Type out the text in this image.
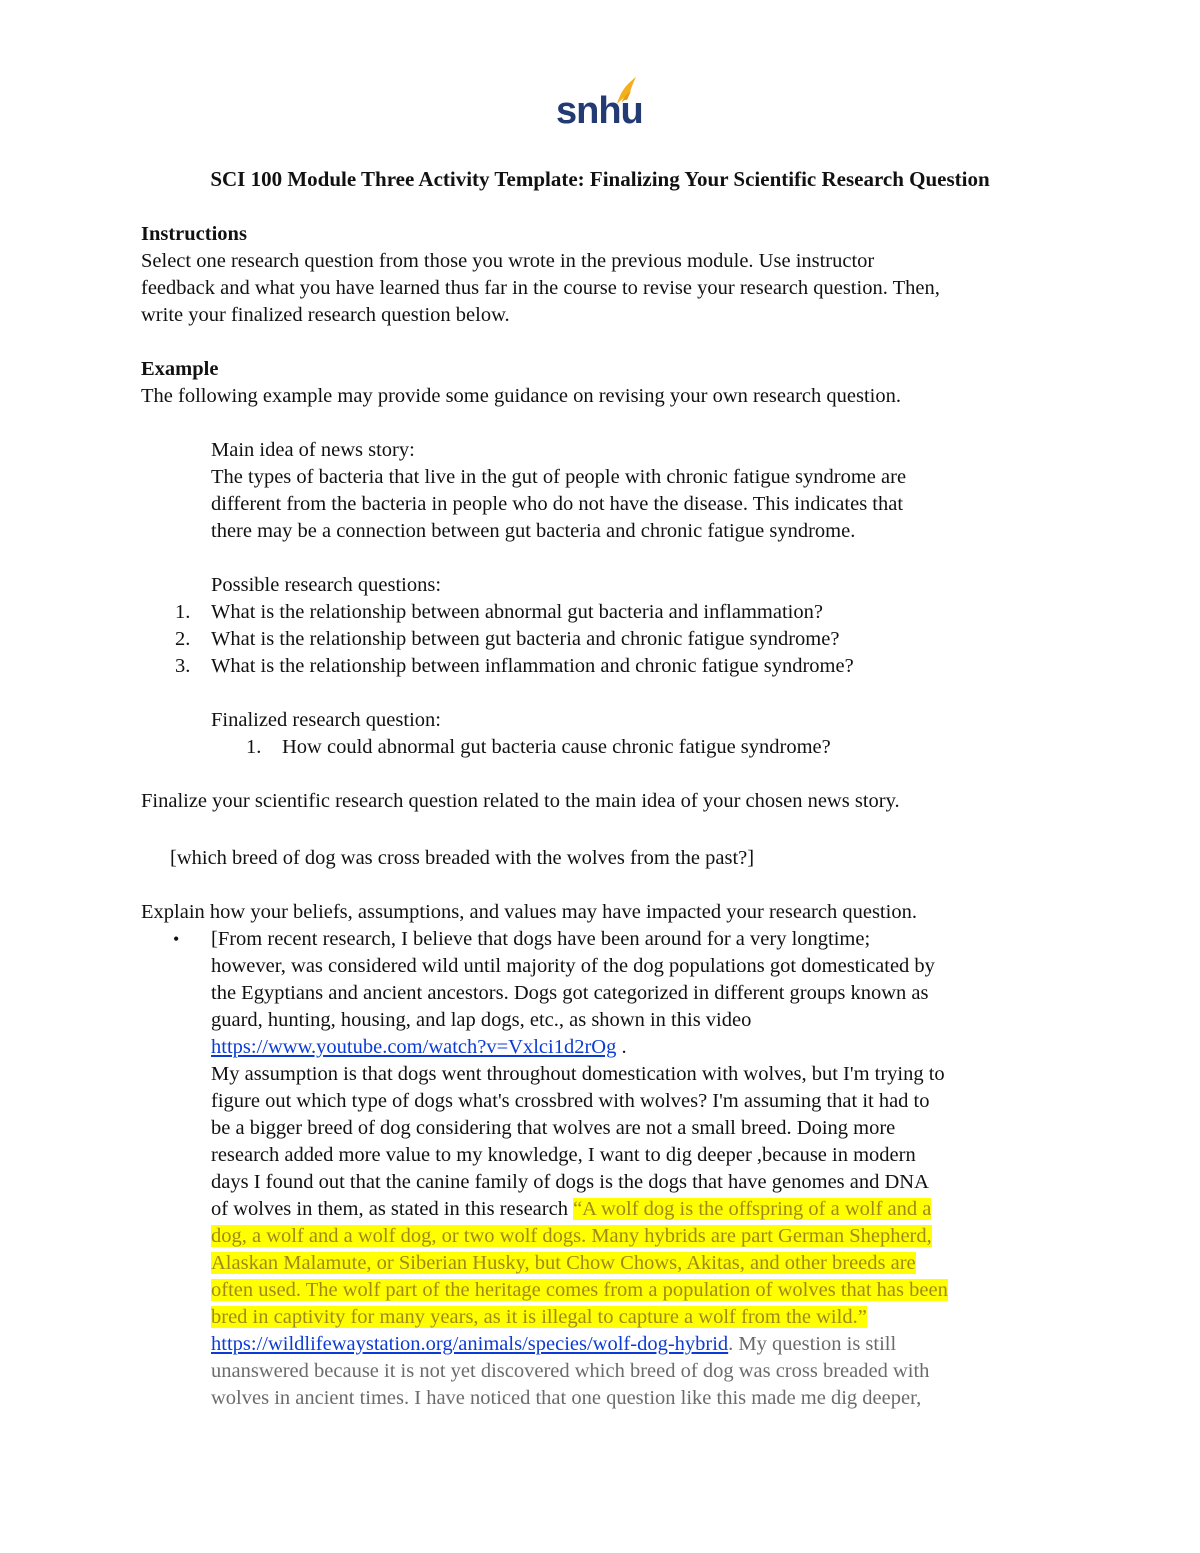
snhu
SCI 100 Module Three Activity Template: Finalizing Your Scientific Research Question
Instructions
Select one research question from those you wrote in the previous module. Use instructor
feedback and what you have learned thus far in the course to revise your research question. Then,
write your finalized research question below.
Example
The following example may provide some guidance on revising your own research question.
Main idea of news story:
The types of bacteria that live in the gut of people with chronic fatigue syndrome are
different from the bacteria in people who do not have the disease. This indicates that
there may be a connection between gut bacteria and chronic fatigue syndrome.
Possible research questions:
1. What is the relationship between abnormal gut bacteria and inflammation?
2. What is the relationship between gut bacteria and chronic fatigue syndrome?
3. What is the relationship between inflammation and chronic fatigue syndrome?
Finalized research question:
1. How could abnormal gut bacteria cause chronic fatigue syndrome?
Finalize your scientific research question related to the main idea of your chosen news story.
[which breed of dog was cross breaded with the wolves from the past?]
Explain how your beliefs, assumptions, and values may have impacted your research question.
• [From recent research, I believe that dogs have been around for a very longtime;
however, was considered wild until majority of the dog populations got domesticated by
the Egyptians and ancient ancestors. Dogs got categorized in different groups known as
guard, hunting, housing, and lap dogs, etc., as shown in this video
https://www.youtube.com/watch?v=Vxlci1d2rOg .
My assumption is that dogs went throughout domestication with wolves, but I'm trying to
figure out which type of dogs what's crossbred with wolves? I'm assuming that it had to
be a bigger breed of dog considering that wolves are not a small breed. Doing more
research added more value to my knowledge, I want to dig deeper ,because in modern
days I found out that the canine family of dogs is the dogs that have genomes and DNA
of wolves in them, as stated in this research “A wolf dog is the offspring of a wolf and a
dog, a wolf and a wolf dog, or two wolf dogs. Many hybrids are part German Shepherd,
Alaskan Malamute, or Siberian Husky, but Chow Chows, Akitas, and other breeds are
often used. The wolf part of the heritage comes from a population of wolves that has been
bred in captivity for many years, as it is illegal to capture a wolf from the wild.”
https://wildlifewaystation.org/animals/species/wolf-dog-hybrid. My question is still
unanswered because it is not yet discovered which breed of dog was cross breaded with
wolves in ancient times. I have noticed that one question like this made me dig deeper,
